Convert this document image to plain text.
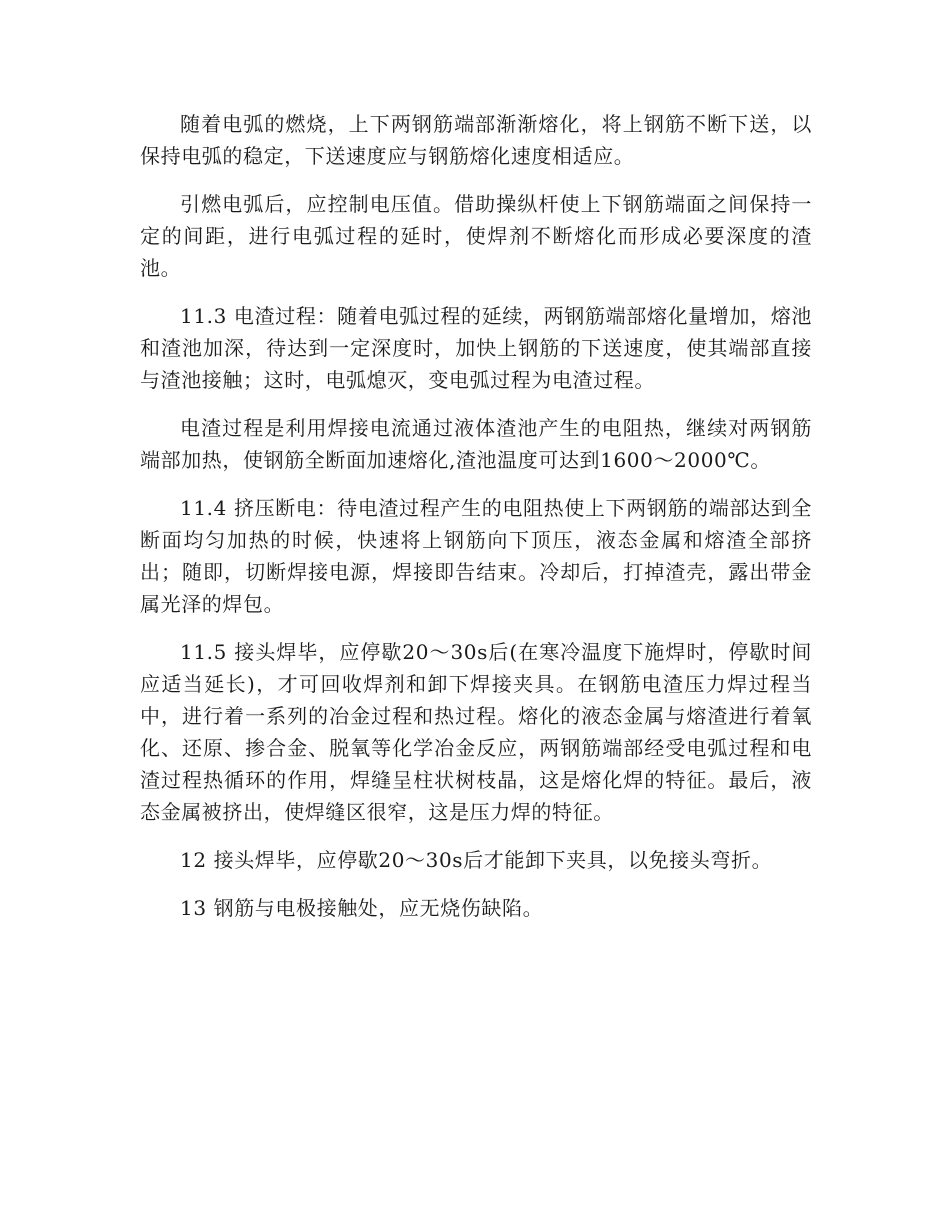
随着电弧的燃烧，上下两钢筋端部渐渐熔化，将上钢筋不断下送，以保持电弧的稳定，下送速度应与钢筋熔化速度相适应。

引燃电弧后，应控制电压值。借助操纵杆使上下钢筋端面之间保持一定的间距，进行电弧过程的延时，使焊剂不断熔化而形成必要深度的渣池。

11.3 电渣过程：随着电弧过程的延续，两钢筋端部熔化量增加，熔池和渣池加深，待达到一定深度时，加快上钢筋的下送速度，使其端部直接与渣池接触；这时，电弧熄灭，变电弧过程为电渣过程。

电渣过程是利用焊接电流通过液体渣池产生的电阻热，继续对两钢筋端部加热，使钢筋全断面加速熔化,渣池温度可达到1600～2000℃。

11.4 挤压断电：待电渣过程产生的电阻热使上下两钢筋的端部达到全断面均匀加热的时候，快速将上钢筋向下顶压，液态金属和熔渣全部挤出；随即，切断焊接电源，焊接即告结束。冷却后，打掉渣壳，露出带金属光泽的焊包。

11.5 接头焊毕，应停歇20～30s后(在寒冷温度下施焊时，停歇时间应适当延长)，才可回收焊剂和卸下焊接夹具。在钢筋电渣压力焊过程当中，进行着一系列的冶金过程和热过程。熔化的液态金属与熔渣进行着氧化、还原、掺合金、脱氧等化学冶金反应，两钢筋端部经受电弧过程和电渣过程热循环的作用，焊缝呈柱状树枝晶，这是熔化焊的特征。最后，液态金属被挤出，使焊缝区很窄，这是压力焊的特征。

12 接头焊毕，应停歇20～30s后才能卸下夹具，以免接头弯折。

13 钢筋与电极接触处，应无烧伤缺陷。
